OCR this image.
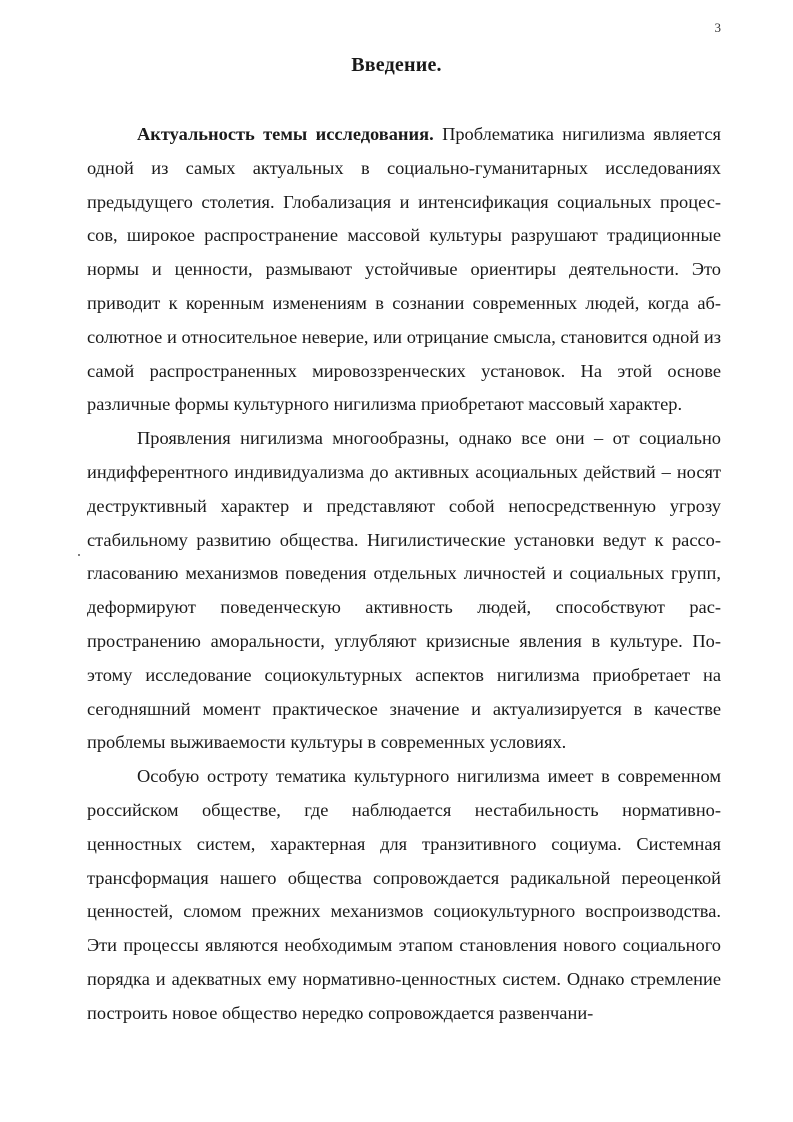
3
Введение.

Актуальность темы исследования. Проблематика нигилизма является одной из самых актуальных в социально-гуманитарных исследованиях предыдущего столетия. Глобализация и интенсификация социальных процессов, широкое распространение массовой культуры разрушают традиционные нормы и ценности, размывают устойчивые ориентиры деятельности. Это приводит к коренным изменениям в сознании современных людей, когда абсолютное и относительное неверие, или отрицание смысла, становится одной из самой распространенных мировоззренческих установок. На этой основе различные формы культурного нигилизма приобретают массовый характер.

Проявления нигилизма многообразны, однако все они – от социально индифферентного индивидуализма до активных асоциальных действий – носят деструктивный характер и представляют собой непосредственную угрозу стабильному развитию общества. Нигилистические установки ведут к рассогласованию механизмов поведения отдельных личностей и социальных групп, деформируют поведенческую активность людей, способствуют распространению аморальности, углубляют кризисные явления в культуре. Поэтому исследование социокультурных аспектов нигилизма приобретает на сегодняшний момент практическое значение и актуализируется в качестве проблемы выживаемости культуры в современных условиях.

Особую остроту тематика культурного нигилизма имеет в современном российском обществе, где наблюдается нестабильность нормативно-ценностных систем, характерная для транзитивного социума. Системная трансформация нашего общества сопровождается радикальной переоценкой ценностей, сломом прежних механизмов социокультурного воспроизводства. Эти процессы являются необходимым этапом становления нового социального порядка и адекватных ему нормативно-ценностных систем. Однако стремление построить новое общество нередко сопровождается развенчани-
